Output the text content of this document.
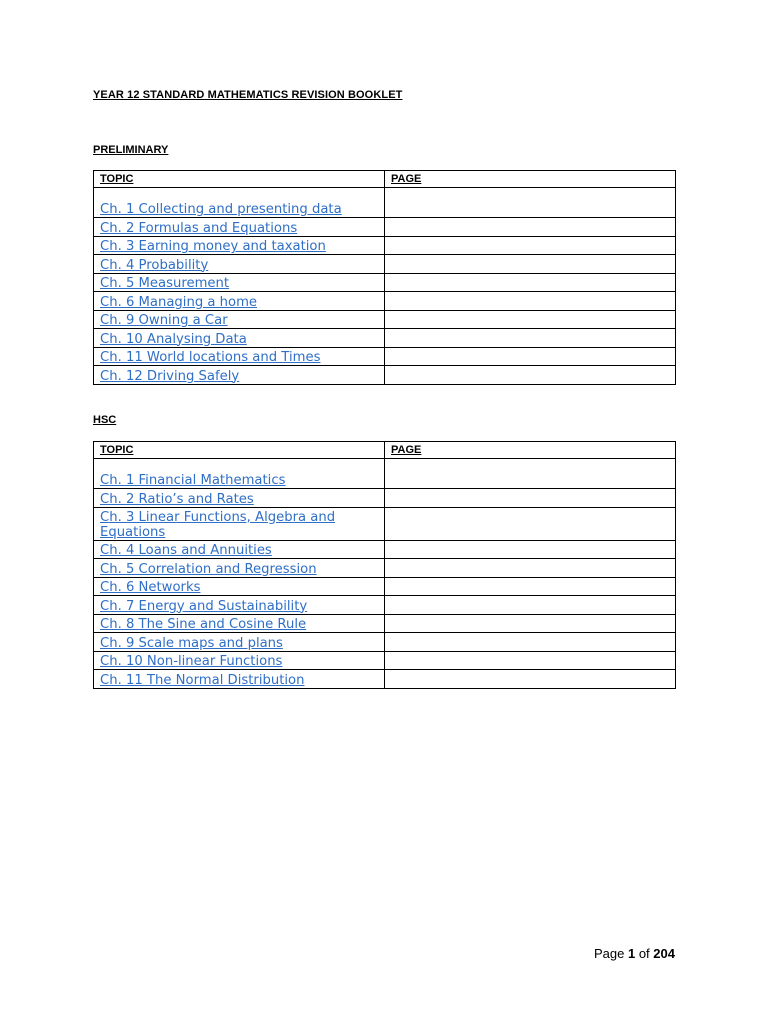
YEAR 12 STANDARD MATHEMATICS REVISION BOOKLET
PRELIMINARY
TOPIC	PAGE
Ch. 1 Collecting and presenting data	
Ch. 2 Formulas and Equations	
Ch. 3 Earning money and taxation	
Ch. 4 Probability	
Ch. 5 Measurement	
Ch. 6 Managing a home	
Ch. 9 Owning a Car	
Ch. 10 Analysing Data	
Ch. 11 World locations and Times	
Ch. 12 Driving Safely	
HSC
TOPIC	PAGE
Ch. 1 Financial Mathematics	
Ch. 2 Ratio’s and Rates	
Ch. 3 Linear Functions, Algebra and Equations	
Ch. 4 Loans and Annuities	
Ch. 5 Correlation and Regression	
Ch. 6 Networks	
Ch. 7 Energy and Sustainability	
Ch. 8 The Sine and Cosine Rule	
Ch. 9 Scale maps and plans	
Ch. 10 Non-linear Functions	
Ch. 11 The Normal Distribution	
Page 1 of 204
